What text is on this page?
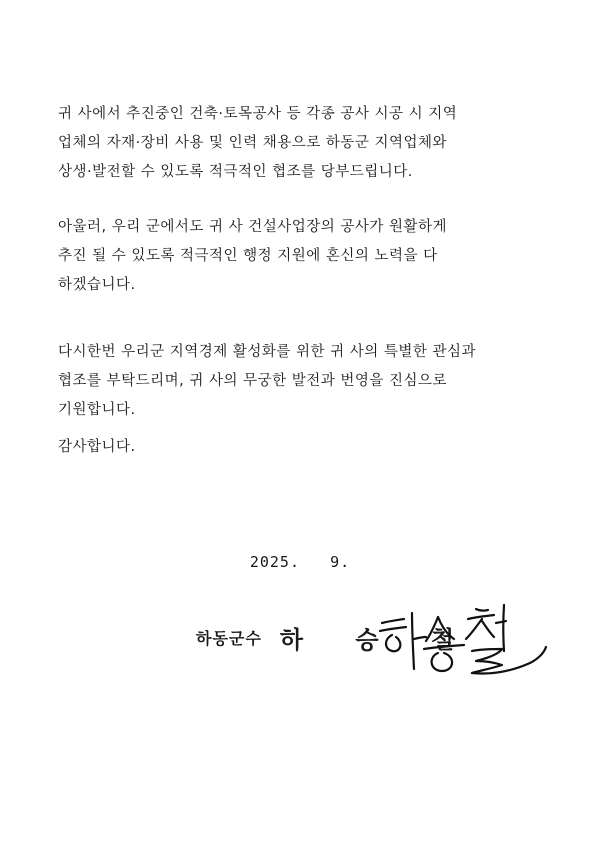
귀 사에서 추진중인 건축·토목공사 등 각종 공사 시공 시 지역
업체의 자재·장비 사용 및 인력 채용으로 하동군 지역업체와
상생·발전할 수 있도록 적극적인 협조를 당부드립니다.
아울러, 우리 군에서도 귀 사 건설사업장의 공사가 원활하게
추진 될 수 있도록 적극적인 행정 지원에 혼신의 노력을 다
하겠습니다.
다시한번 우리군 지역경제 활성화를 위한 귀 사의 특별한 관심과
협조를 부탁드리며, 귀 사의 무궁한 발전과 번영을 진심으로
기원합니다.
감사합니다.
2025.   9.
하동군수 하 승 철
